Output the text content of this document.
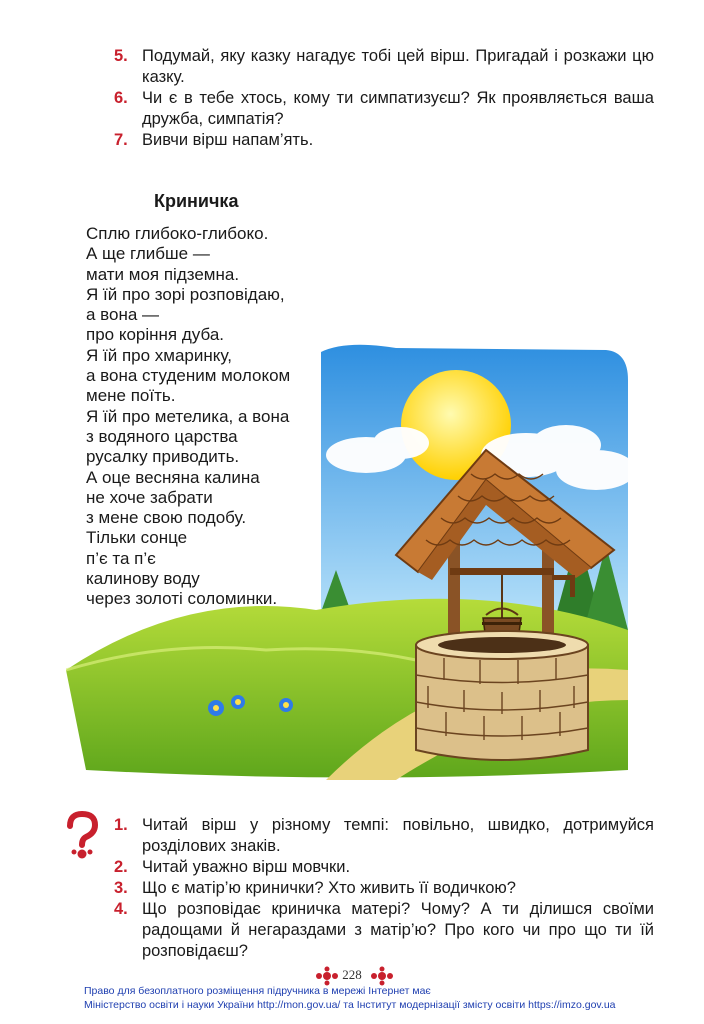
5. Подумай, яку казку нагадує тобі цей вірш. Пригадай і розкажи цю казку.
6. Чи є в тебе хтось, кому ти симпатизуєш? Як проявляється ваша дружба, симпатія?
7. Вивчи вірш напам’ять.
Криничка
Сплю глибоко-глибоко.
А ще глибше —
мати моя підземна.
Я їй про зорі розповідаю,
а вона —
про коріння дуба.
Я їй про хмаринку,
а вона студеним молоком
мене поїть.
Я їй про метелика, а вона
з водяного царства
русалку приводить.
А оце весняна калина
не хоче забрати
з мене свою подобу.
Тільки сонце
п’є та п’є
калинову воду
через золоті соломинки.
1. Читай вірш у різному темпі: повільно, швидко, дотримуйся розділових знаків.
2. Читай уважно вірш мовчки.
3. Що є матір’ю кринички? Хто живить її водичкою?
4. Що розповідає криничка матері? Чому? А ти ділишся своїми радощами й негараздами з матір’ю? Про кого чи про що ти їй розповідаєш?
228
Право для безоплатного розміщення підручника в мережі Інтернет має
Міністерство освіти і науки України http://mon.gov.ua/ та Інститут модернізації змісту освіти https://imzo.gov.ua
